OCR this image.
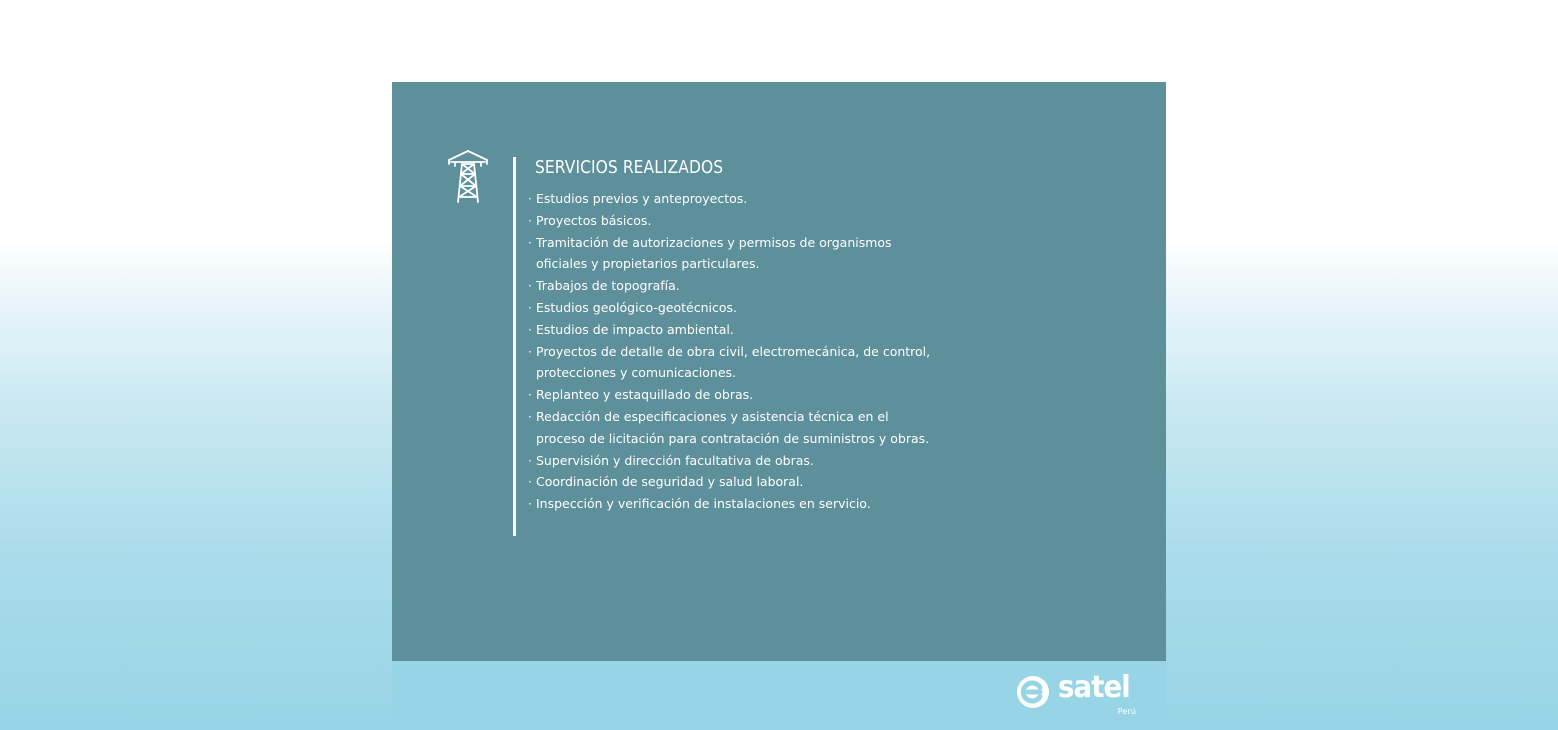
SERVICIOS REALIZADOS
· Estudios previos y anteproyectos.
· Proyectos básicos.
· Tramitación de autorizaciones y permisos de organismos oficiales y propietarios particulares.
· Trabajos de topografía.
· Estudios geológico-geotécnicos.
· Estudios de impacto ambiental.
· Proyectos de detalle de obra civil, electromecánica, de control, protecciones y comunicaciones.
· Replanteo y estaquillado de obras.
· Redacción de especificaciones y asistencia técnica en el proceso de licitación para contratación de suministros y obras.
· Supervisión y dirección facultativa de obras.
· Coordinación de seguridad y salud laboral.
· Inspección y verificación de instalaciones en servicio.
satel
Perú
